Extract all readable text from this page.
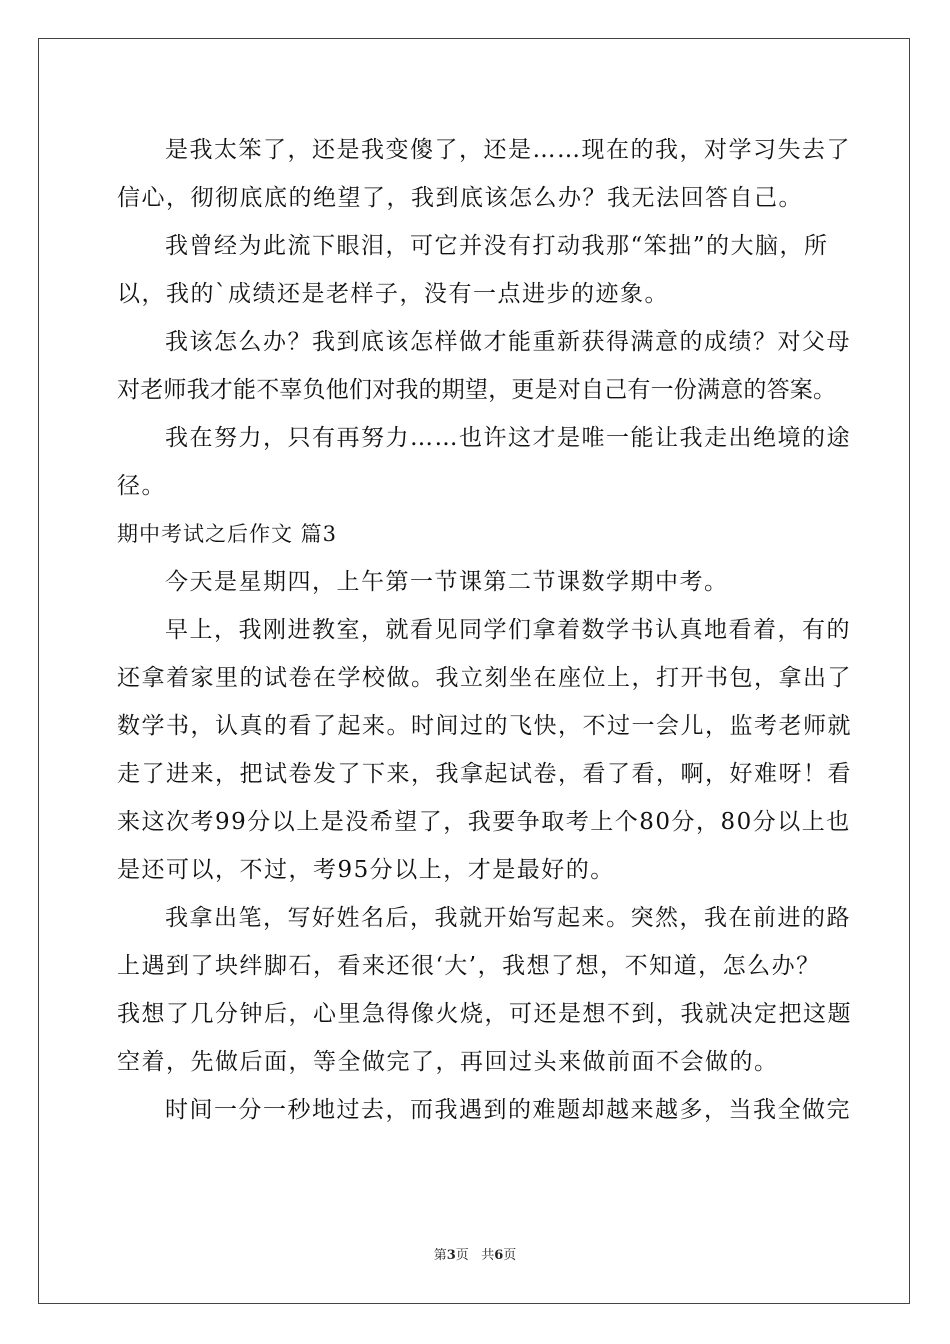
是我太笨了，还是我变傻了，还是……现在的我，对学习失去了
信心，彻彻底底的绝望了，我到底该怎么办？我无法回答自己。
我曾经为此流下眼泪，可它并没有打动我那“笨拙”的大脑，所
以，我的`成绩还是老样子，没有一点进步的迹象。
我该怎么办？我到底该怎样做才能重新获得满意的成绩？对父母
对老师我才能不辜负他们对我的期望，更是对自己有一份满意的答案。
我在努力，只有再努力……也许这才是唯一能让我走出绝境的途
径。
期中考试之后作文 篇3
今天是星期四，上午第一节课第二节课数学期中考。
早上，我刚进教室，就看见同学们拿着数学书认真地看着，有的
还拿着家里的试卷在学校做。我立刻坐在座位上，打开书包，拿出了
数学书，认真的看了起来。时间过的飞快，不过一会儿，监考老师就
走了进来，把试卷发了下来，我拿起试卷，看了看，啊，好难呀！看
来这次考99分以上是没希望了，我要争取考上个80分，80分以上也
是还可以，不过，考95分以上，才是最好的。
我拿出笔，写好姓名后，我就开始写起来。突然，我在前进的路
上遇到了块绊脚石，看来还很‘大’，我想了想，不知道，怎么办？
我想了几分钟后，心里急得像火烧，可还是想不到，我就决定把这题
空着，先做后面，等全做完了，再回过头来做前面不会做的。
时间一分一秒地过去，而我遇到的难题却越来越多，当我全做完
第3页 共6页
